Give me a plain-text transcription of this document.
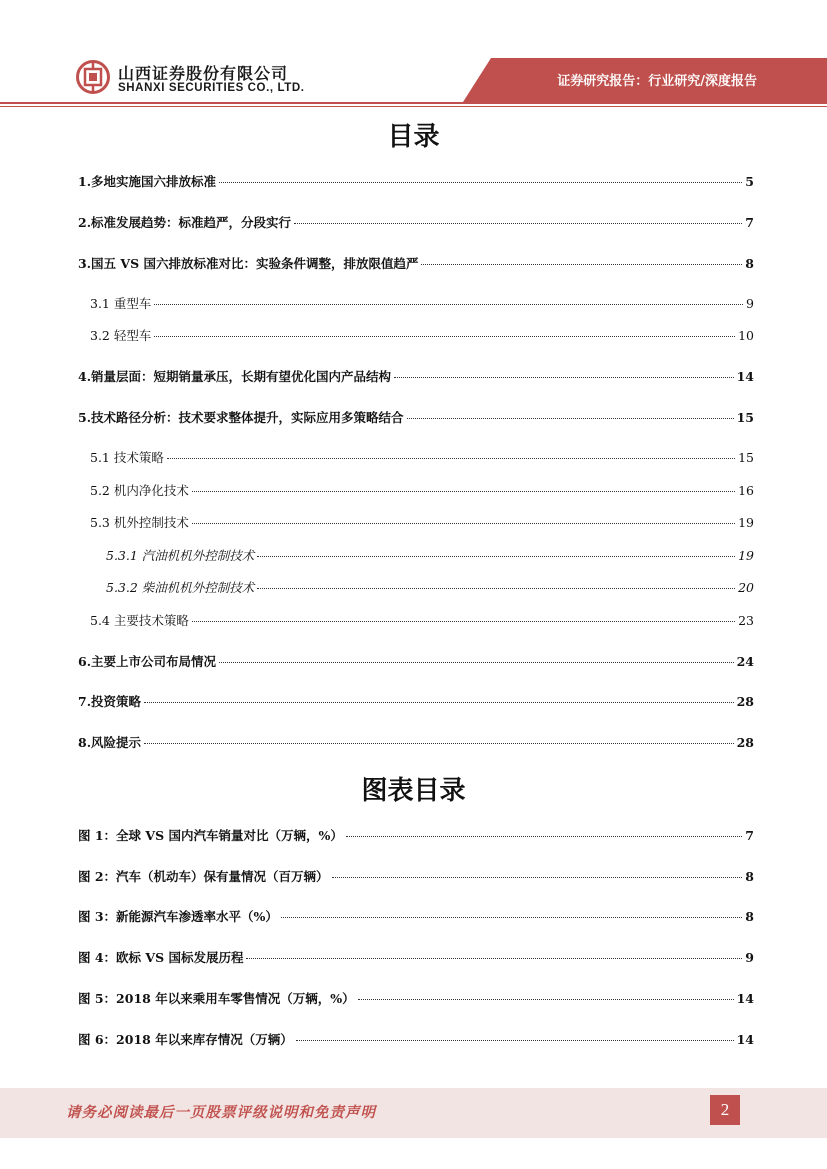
山西证券股份有限公司
SHANXI SECURITIES CO., LTD.	证券研究报告：行业研究/深度报告
目录
1.多地实施国六排放标准	5
2.标准发展趋势：标准趋严，分段实行	7
3.国五 VS 国六排放标准对比：实验条件调整，排放限值趋严	8
3.1 重型车	9
3.2 轻型车	10
4.销量层面：短期销量承压，长期有望优化国内产品结构	14
5.技术路径分析：技术要求整体提升，实际应用多策略结合	15
5.1 技术策略	15
5.2 机内净化技术	16
5.3 机外控制技术	19
5.3.1 汽油机机外控制技术	19
5.3.2 柴油机机外控制技术	20
5.4 主要技术策略	23
6.主要上市公司布局情况	24
7.投资策略	28
8.风险提示	28
图表目录
图 1：全球 VS 国内汽车销量对比（万辆，%）	7
图 2：汽车（机动车）保有量情况（百万辆）	8
图 3：新能源汽车渗透率水平（%）	8
图 4：欧标 VS 国标发展历程	9
图 5：2018 年以来乘用车零售情况（万辆，%）	14
图 6：2018 年以来库存情况（万辆）	14
请务必阅读最后一页股票评级说明和免责声明	2
